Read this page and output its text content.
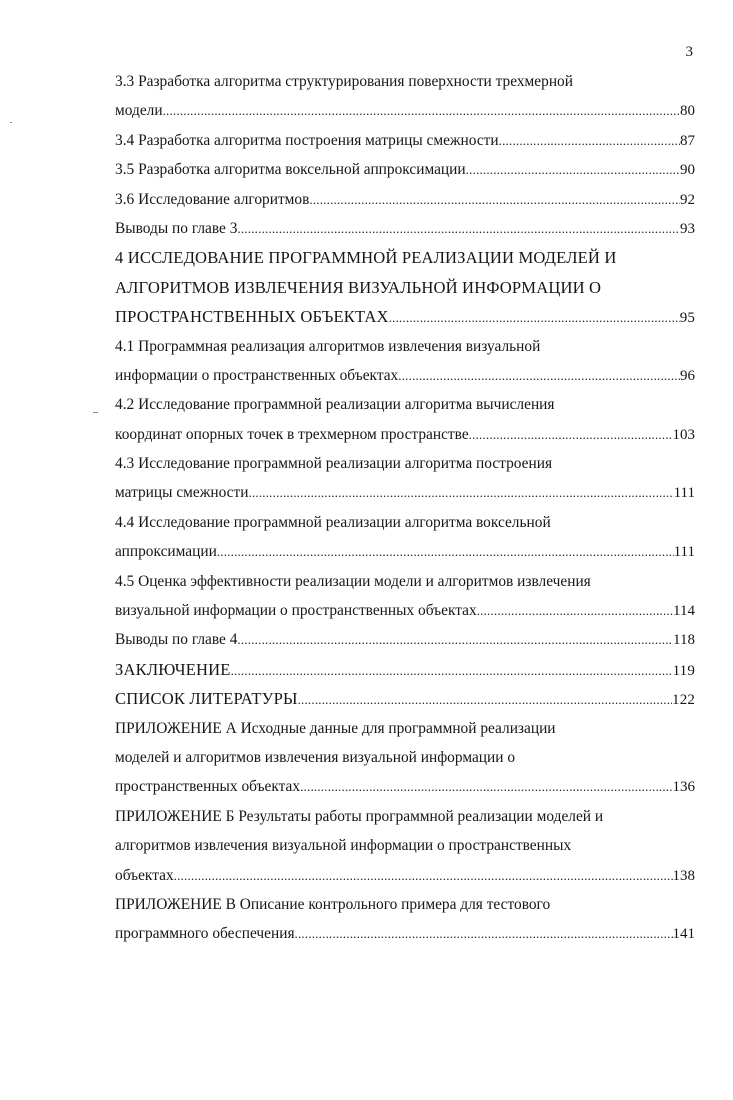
3
3.3 Разработка алгоритма структурирования поверхности трехмерной
модели .....	80
3.4 Разработка алгоритма построения матрицы смежности .....	87
3.5 Разработка алгоритма воксельной аппроксимации .....	90
3.6 Исследование алгоритмов .....	92
Выводы по главе 3 .....	93
4 ИССЛЕДОВАНИЕ ПРОГРАММНОЙ РЕАЛИЗАЦИИ МОДЕЛЕЙ И
АЛГОРИТМОВ ИЗВЛЕЧЕНИЯ ВИЗУАЛЬНОЙ ИНФОРМАЦИИ О
ПРОСТРАНСТВЕННЫХ ОБЪЕКТАХ .....	95
4.1 Программная реализация алгоритмов извлечения визуальной
информации о пространственных объектах .....	96
4.2 Исследование программной реализации алгоритма вычисления
координат опорных точек в трехмерном пространстве .....	103
4.3 Исследование программной реализации алгоритма построения
матрицы смежности .....	111
4.4 Исследование программной реализации алгоритма воксельной
аппроксимации .....	111
4.5 Оценка эффективности реализации модели и алгоритмов извлечения
визуальной информации о пространственных объектах .....	114
Выводы по главе 4 .....	118
ЗАКЛЮЧЕНИЕ .....	119
СПИСОК ЛИТЕРАТУРЫ .....	122
ПРИЛОЖЕНИЕ А Исходные данные для программной реализации
моделей и алгоритмов извлечения визуальной информации о
пространственных объектах .....	136
ПРИЛОЖЕНИЕ Б Результаты работы программной реализации моделей и
алгоритмов извлечения визуальной информации о пространственных
объектах .....	138
ПРИЛОЖЕНИЕ В Описание контрольного примера для тестового
программного обеспечения .....	141
